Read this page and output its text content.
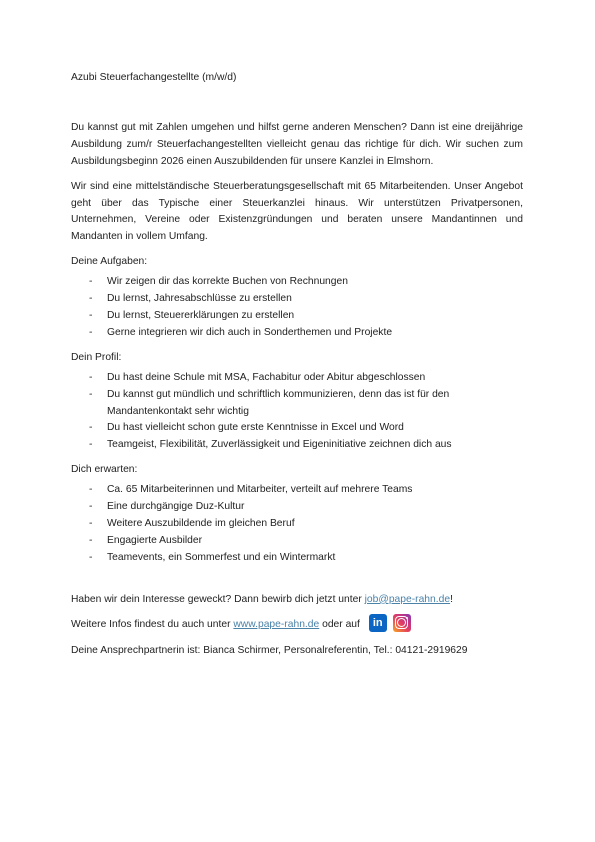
Azubi Steuerfachangestellte (m/w/d)

Du kannst gut mit Zahlen umgehen und hilfst gerne anderen Menschen? Dann ist eine dreijährige Ausbildung zum/r Steuerfachangestellten vielleicht genau das richtige für dich. Wir suchen zum Ausbildungsbeginn 2026 einen Auszubildenden für unsere Kanzlei in Elmshorn.

Wir sind eine mittelständische Steuerberatungsgesellschaft mit 65 Mitarbeitenden. Unser Angebot geht über das Typische einer Steuerkanzlei hinaus. Wir unterstützen Privatpersonen, Unternehmen, Vereine oder Existenzgründungen und beraten unsere Mandantinnen und Mandanten in vollem Umfang.

Deine Aufgaben:

- Wir zeigen dir das korrekte Buchen von Rechnungen
- Du lernst, Jahresabschlüsse zu erstellen
- Du lernst, Steuererklärungen zu erstellen
- Gerne integrieren wir dich auch in Sonderthemen und Projekte

Dein Profil:

- Du hast deine Schule mit MSA, Fachabitur oder Abitur abgeschlossen
- Du kannst gut mündlich und schriftlich kommunizieren, denn das ist für den Mandantenkontakt sehr wichtig
- Du hast vielleicht schon gute erste Kenntnisse in Excel und Word
- Teamgeist, Flexibilität, Zuverlässigkeit und Eigeninitiative zeichnen dich aus

Dich erwarten:

- Ca. 65 Mitarbeiterinnen und Mitarbeiter, verteilt auf mehrere Teams
- Eine durchgängige Duz-Kultur
- Weitere Auszubildende im gleichen Beruf
- Engagierte Ausbilder
- Teamevents, ein Sommerfest und ein Wintermarkt

Haben wir dein Interesse geweckt? Dann bewirb dich jetzt unter job@pape-rahn.de!

Weitere Infos findest du auch unter www.pape-rahn.de oder auf in

Deine Ansprechpartnerin ist: Bianca Schirmer, Personalreferentin, Tel.: 04121-2919629
